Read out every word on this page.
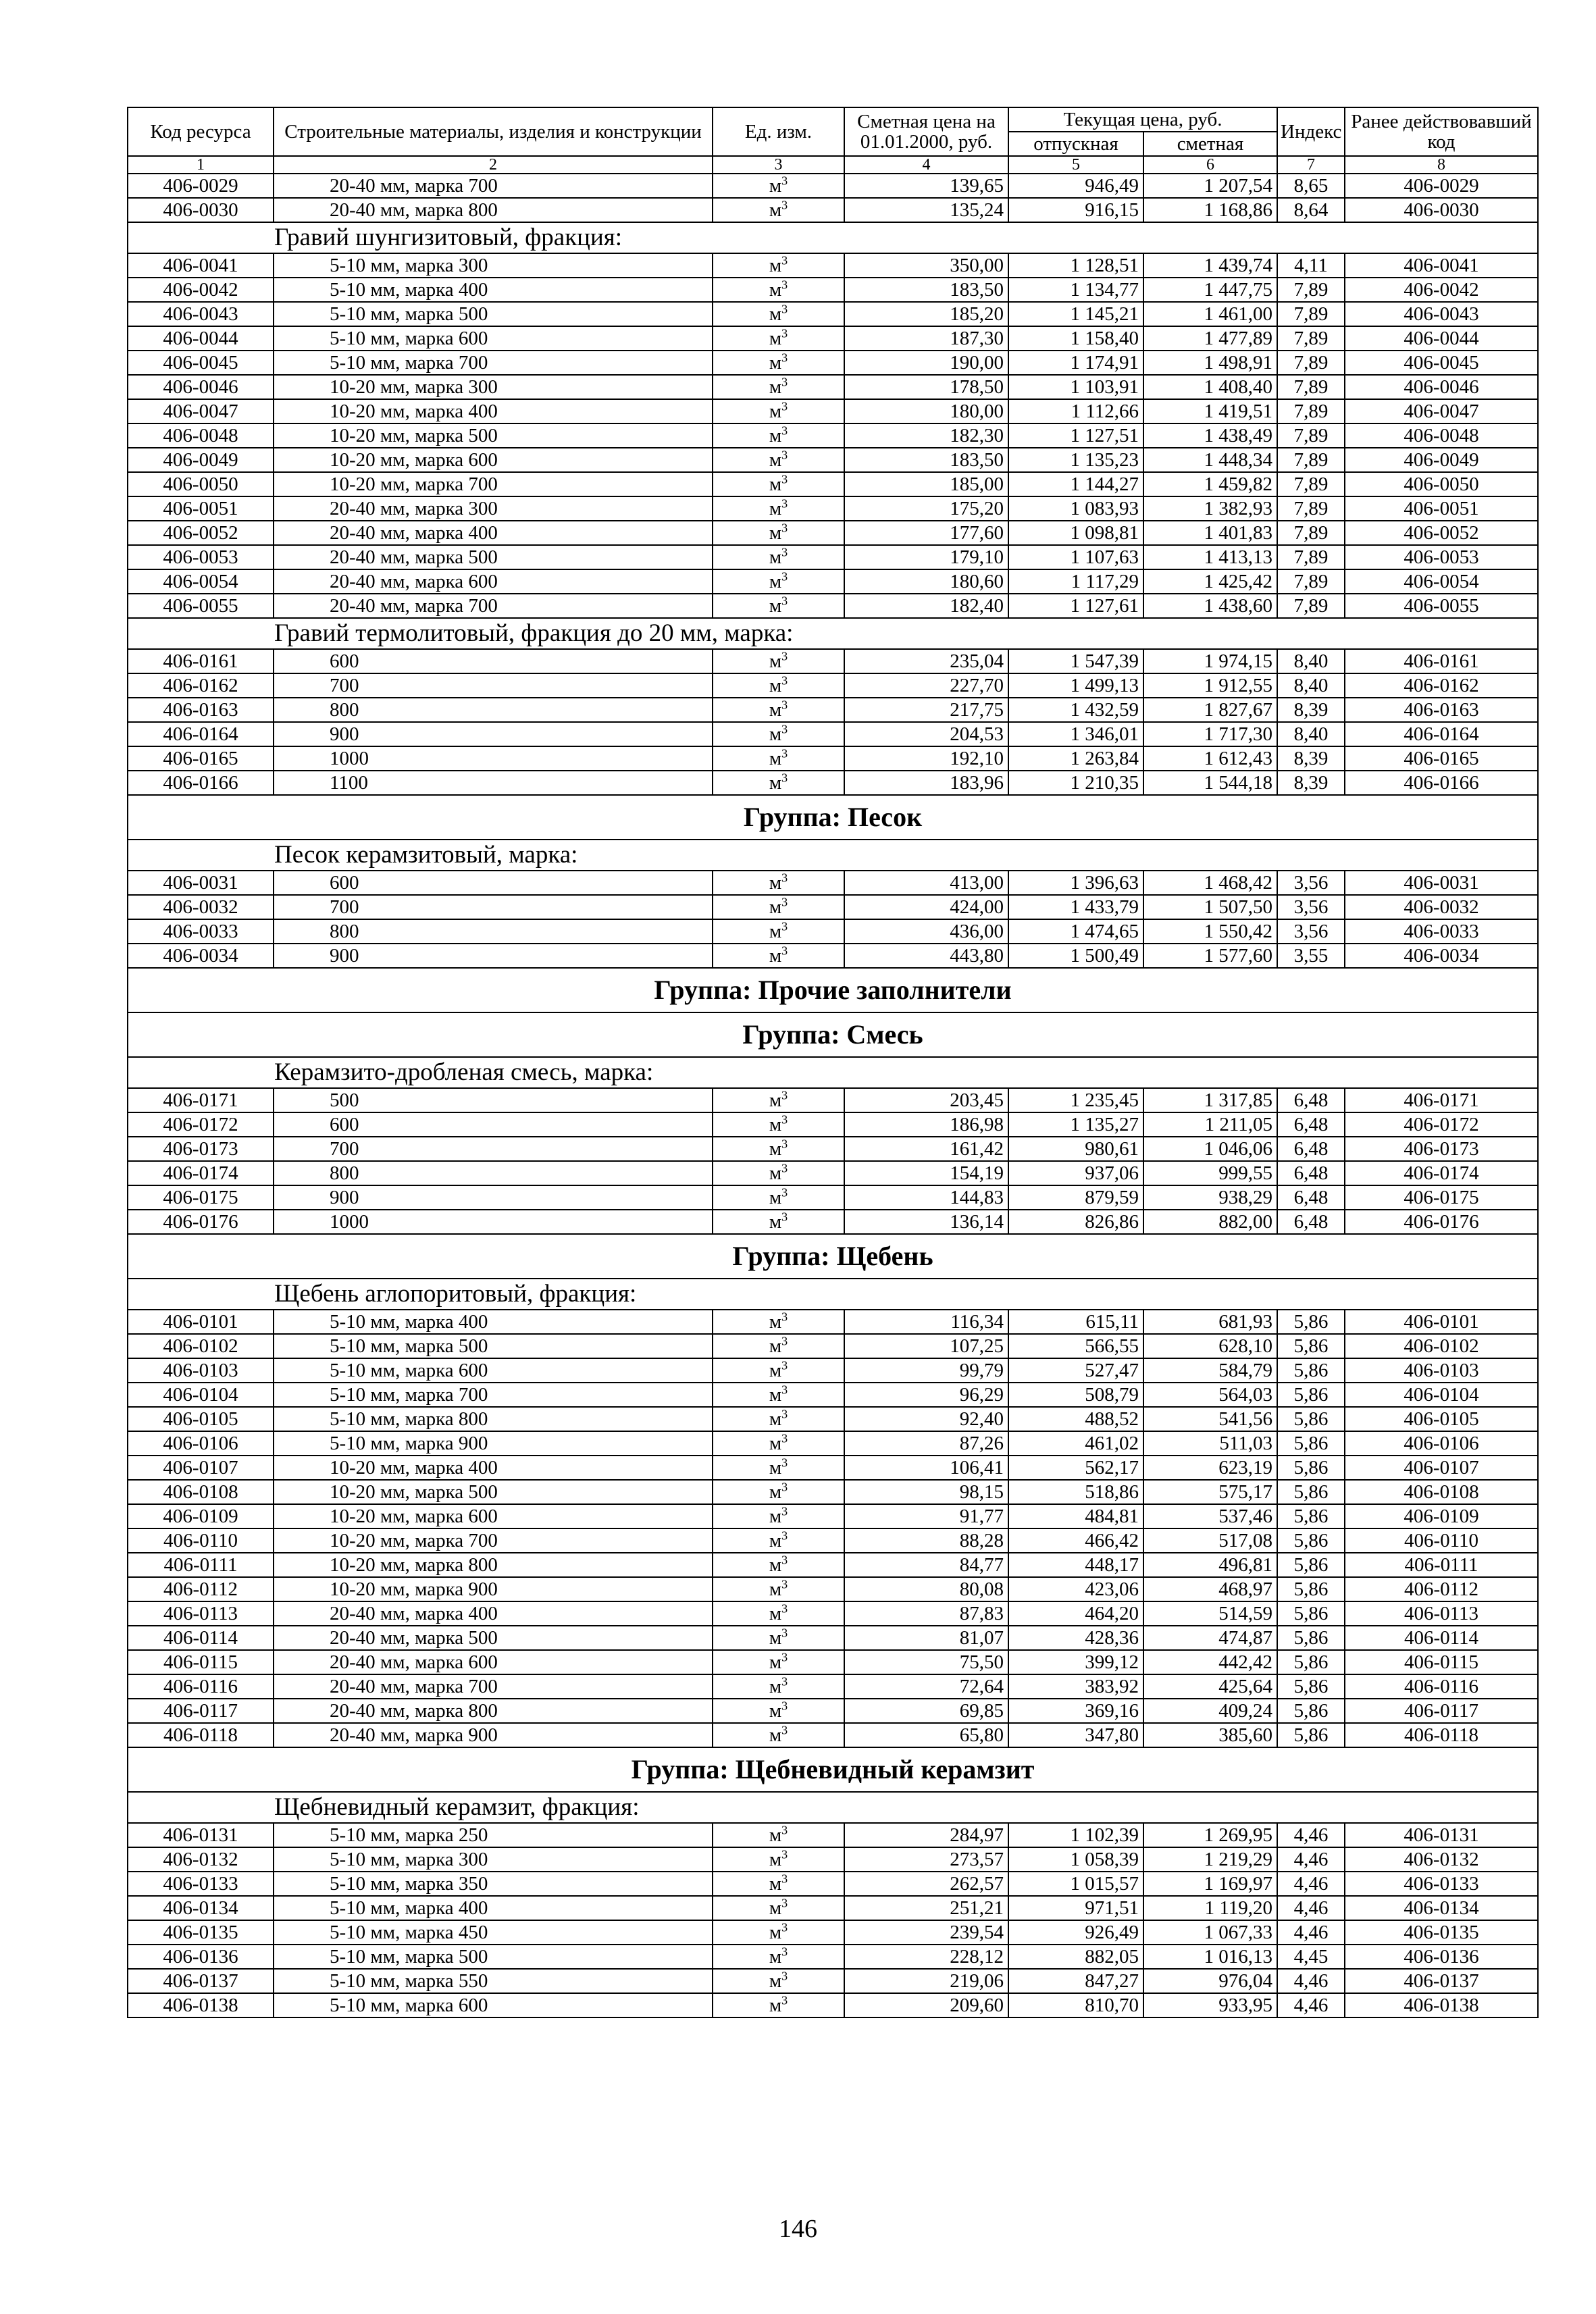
Код ресурса	Строительные материалы, изделия и конструкции	Ед. изм.	Сметная цена на 01.01.2000, руб.	Текущая цена, руб.		Индекс	Ранее действовавший код
				отпускная	сметная		
1	2	3	4	5	6	7	8
406-0029	20-40 мм, марка 700	$м^3$	139,65	946,49	1 207,54	8,65	406-0029
406-0030	20-40 мм, марка 800	$м^3$	135,24	916,15	1 168,86	8,64	406-0030
Гравий шунгизитовый, фракция:							
406-0041	5-10 мм, марка 300	$м^3$	350,00	1 128,51	1 439,74	4,11	406-0041
406-0042	5-10 мм, марка 400	$м^3$	183,50	1 134,77	1 447,75	7,89	406-0042
406-0043	5-10 мм, марка 500	$м^3$	185,20	1 145,21	1 461,00	7,89	406-0043
406-0044	5-10 мм, марка 600	$м^3$	187,30	1 158,40	1 477,89	7,89	406-0044
406-0045	5-10 мм, марка 700	$м^3$	190,00	1 174,91	1 498,91	7,89	406-0045
406-0046	10-20 мм, марка 300	$м^3$	178,50	1 103,91	1 408,40	7,89	406-0046
406-0047	10-20 мм, марка 400	$м^3$	180,00	1 112,66	1 419,51	7,89	406-0047
406-0048	10-20 мм, марка 500	$м^3$	182,30	1 127,51	1 438,49	7,89	406-0048
406-0049	10-20 мм, марка 600	$м^3$	183,50	1 135,23	1 448,34	7,89	406-0049
406-0050	10-20 мм, марка 700	$м^3$	185,00	1 144,27	1 459,82	7,89	406-0050
406-0051	20-40 мм, марка 300	$м^3$	175,20	1 083,93	1 382,93	7,89	406-0051
406-0052	20-40 мм, марка 400	$м^3$	177,60	1 098,81	1 401,83	7,89	406-0052
406-0053	20-40 мм, марка 500	$м^3$	179,10	1 107,63	1 413,13	7,89	406-0053
406-0054	20-40 мм, марка 600	$м^3$	180,60	1 117,29	1 425,42	7,89	406-0054
406-0055	20-40 мм, марка 700	$м^3$	182,40	1 127,61	1 438,60	7,89	406-0055
Гравий термолитовый, фракция до 20 мм, марка:							
406-0161	600	$м^3$	235,04	1 547,39	1 974,15	8,40	406-0161
406-0162	700	$м^3$	227,70	1 499,13	1 912,55	8,40	406-0162
406-0163	800	$м^3$	217,75	1 432,59	1 827,67	8,39	406-0163
406-0164	900	$м^3$	204,53	1 346,01	1 717,30	8,40	406-0164
406-0165	1000	$м^3$	192,10	1 263,84	1 612,43	8,39	406-0165
406-0166	1100	$м^3$	183,96	1 210,35	1 544,18	8,39	406-0166
Группа: Песок							
Песок керамзитовый, марка:							
406-0031	600	$м^3$	413,00	1 396,63	1 468,42	3,56	406-0031
406-0032	700	$м^3$	424,00	1 433,79	1 507,50	3,56	406-0032
406-0033	800	$м^3$	436,00	1 474,65	1 550,42	3,56	406-0033
406-0034	900	$м^3$	443,80	1 500,49	1 577,60	3,55	406-0034
Группа: Прочие заполнители							
Группа: Смесь							
Керамзито-дробленая смесь, марка:							
406-0171	500	$м^3$	203,45	1 235,45	1 317,85	6,48	406-0171
406-0172	600	$м^3$	186,98	1 135,27	1 211,05	6,48	406-0172
406-0173	700	$м^3$	161,42	980,61	1 046,06	6,48	406-0173
406-0174	800	$м^3$	154,19	937,06	999,55	6,48	406-0174
406-0175	900	$м^3$	144,83	879,59	938,29	6,48	406-0175
406-0176	1000	$м^3$	136,14	826,86	882,00	6,48	406-0176
Группа: Щебень							
Щебень аглопоритовый, фракция:							
406-0101	5-10 мм, марка 400	$м^3$	116,34	615,11	681,93	5,86	406-0101
406-0102	5-10 мм, марка 500	$м^3$	107,25	566,55	628,10	5,86	406-0102
406-0103	5-10 мм, марка 600	$м^3$	99,79	527,47	584,79	5,86	406-0103
406-0104	5-10 мм, марка 700	$м^3$	96,29	508,79	564,03	5,86	406-0104
406-0105	5-10 мм, марка 800	$м^3$	92,40	488,52	541,56	5,86	406-0105
406-0106	5-10 мм, марка 900	$м^3$	87,26	461,02	511,03	5,86	406-0106
406-0107	10-20 мм, марка 400	$м^3$	106,41	562,17	623,19	5,86	406-0107
406-0108	10-20 мм, марка 500	$м^3$	98,15	518,86	575,17	5,86	406-0108
406-0109	10-20 мм, марка 600	$м^3$	91,77	484,81	537,46	5,86	406-0109
406-0110	10-20 мм, марка 700	$м^3$	88,28	466,42	517,08	5,86	406-0110
406-0111	10-20 мм, марка 800	$м^3$	84,77	448,17	496,81	5,86	406-0111
406-0112	10-20 мм, марка 900	$м^3$	80,08	423,06	468,97	5,86	406-0112
406-0113	20-40 мм, марка 400	$м^3$	87,83	464,20	514,59	5,86	406-0113
406-0114	20-40 мм, марка 500	$м^3$	81,07	428,36	474,87	5,86	406-0114
406-0115	20-40 мм, марка 600	$м^3$	75,50	399,12	442,42	5,86	406-0115
406-0116	20-40 мм, марка 700	$м^3$	72,64	383,92	425,64	5,86	406-0116
406-0117	20-40 мм, марка 800	$м^3$	69,85	369,16	409,24	5,86	406-0117
406-0118	20-40 мм, марка 900	$м^3$	65,80	347,80	385,60	5,86	406-0118
Группа: Щебневидный керамзит							
Щебневидный керамзит, фракция:							
406-0131	5-10 мм, марка 250	$м^3$	284,97	1 102,39	1 269,95	4,46	406-0131
406-0132	5-10 мм, марка 300	$м^3$	273,57	1 058,39	1 219,29	4,46	406-0132
406-0133	5-10 мм, марка 350	$м^3$	262,57	1 015,57	1 169,97	4,46	406-0133
406-0134	5-10 мм, марка 400	$м^3$	251,21	971,51	1 119,20	4,46	406-0134
406-0135	5-10 мм, марка 450	$м^3$	239,54	926,49	1 067,33	4,46	406-0135
406-0136	5-10 мм, марка 500	$м^3$	228,12	882,05	1 016,13	4,45	406-0136
406-0137	5-10 мм, марка 550	$м^3$	219,06	847,27	976,04	4,46	406-0137
406-0138	5-10 мм, марка 600	$м^3$	209,60	810,70	933,95	4,46	406-0138
146
